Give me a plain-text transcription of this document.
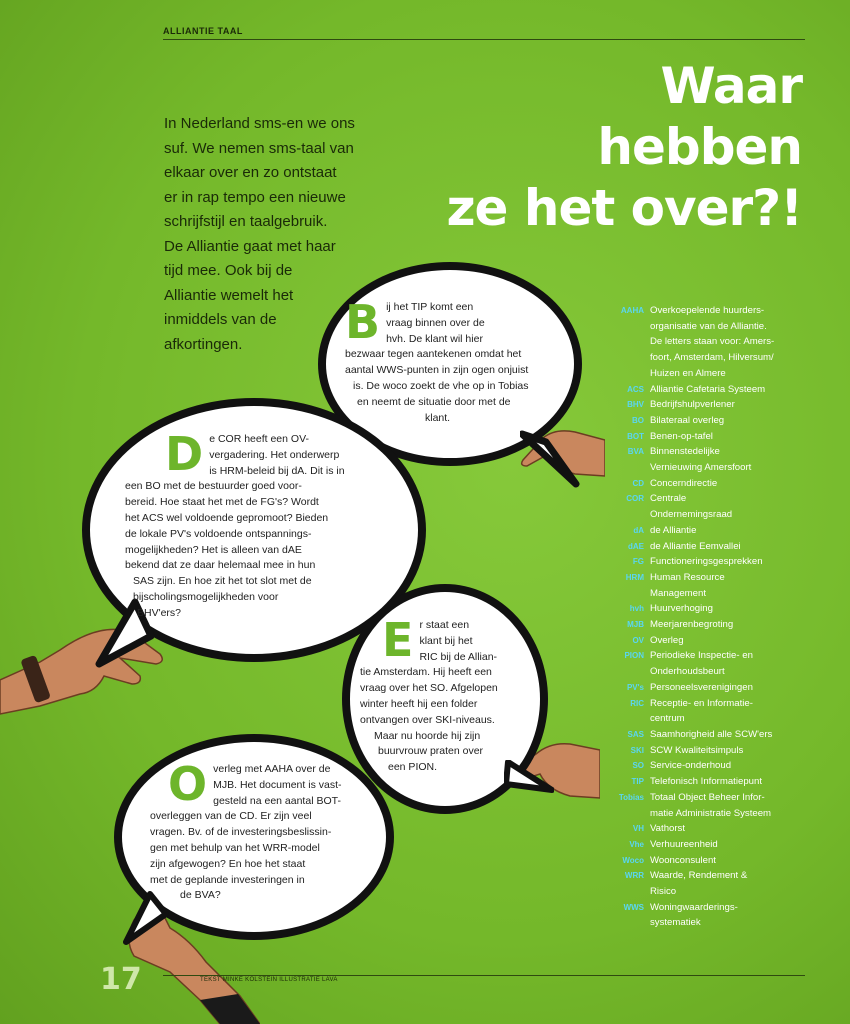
ALLIANTIE TAAL
Waar
hebben
ze het over?!
In Nederland sms-en we ons
suf. We nemen sms-taal van
elkaar over en zo ontstaat
er in rap tempo een nieuwe
schrijfstijl en taalgebruik.
De Alliantie gaat met haar
tijd mee. Ook bij de
Alliantie wemelt het
inmiddels van de
afkortingen.	B ij het TIP komt een
vraag binnen over de
hvh. De klant wil hier
bezwaar tegen aantekenen omdat het
aantal WWS-punten in zijn ogen onjuist
is. De woco zoekt de vhe op in Tobias
en neemt de situatie door met de
klant.
D e COR heeft een OV-
vergadering. Het onderwerp
is HRM-beleid bij dA. Dit is in
een BO met de bestuurder goed voor-
bereid. Hoe staat het met de FG's? Wordt
het ACS wel voldoende gepromoot? Bieden
de lokale PV's voldoende ontspannings-
mogelijkheden? Het is alleen van dAE
bekend dat ze daar helemaal mee in hun
SAS zijn. En hoe zit het tot slot met de
bijscholingsmogelijkheden voor
BHV'ers?
E r staat een
klant bij het
RIC bij de Allian-
tie Amsterdam. Hij heeft een
vraag over het SO. Afgelopen
winter heeft hij een folder
ontvangen over SKI-niveaus.
Maar nu hoorde hij zijn
buurvrouw praten over
een PION.
O verleg met AAHA over de
MJB. Het document is vast-
gesteld na een aantal BOT-
overleggen van de CD. Er zijn veel
vragen. Bv. of de investeringsbeslissin-
gen met behulp van het WRR-model
zijn afgewogen? En hoe het staat
met de geplande investeringen in
de BVA?
AAHA Overkoepelende huurders-
organisatie van de Alliantie.
De letters staan voor: Amers-
foort, Amsterdam, Hilversum/
Huizen en Almere
ACS Alliantie Cafetaria Systeem
BHV Bedrijfshulpverlener
BO Bilateraal overleg
BOT Benen-op-tafel
BVA Binnenstedelijke
Vernieuwing Amersfoort
CD Concerndirectie
COR Centrale
Ondernemingsraad
dA de Alliantie
dAE de Alliantie Eemvallei
FG Functioneringsgesprekken
HRM Human Resource
Management
hvh Huurverhoging
MJB Meerjarenbegroting
OV Overleg
PION Periodieke Inspectie- en
Onderhoudsbeurt
PV's Personeelsverenigingen
RIC Receptie- en Informatie-
centrum
SAS Saamhorigheid alle SCW'ers
SKI SCW Kwaliteitsimpuls
SO Service-onderhoud
TIP Telefonisch Informatiepunt
Tobias Totaal Object Beheer Infor-
matie Administratie Systeem
VH Vathorst
Vhe Verhuureenheid
Woco Woonconsulent
WRR Waarde, Rendement &
Risico
WWS Woningwaarderings-
systematiek
17	TEKST MINKE KOLSTEIN ILLUSTRATIE LAVA
